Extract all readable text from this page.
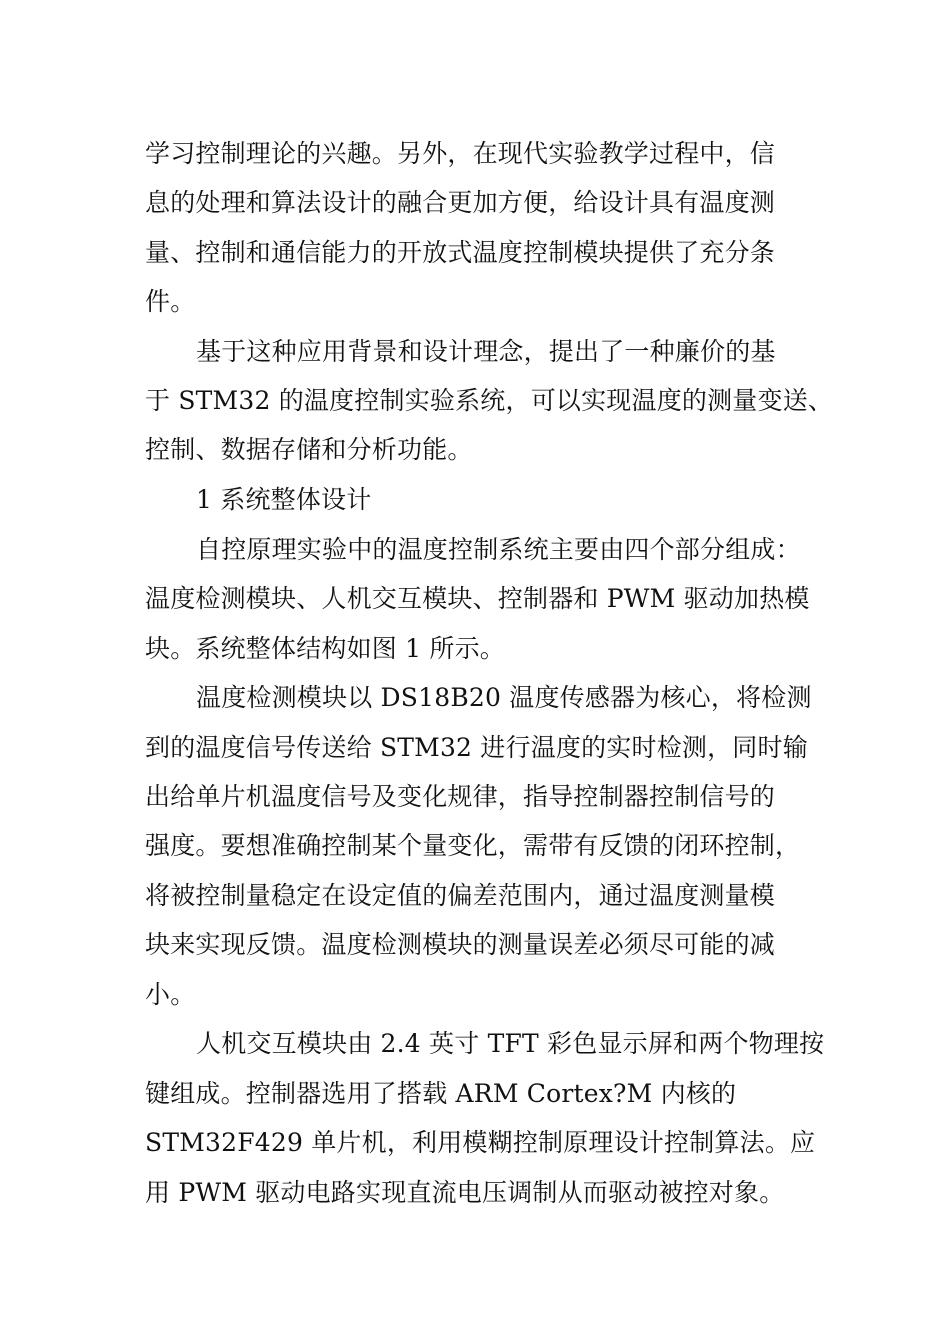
学习控制理论的兴趣。另外，在现代实验教学过程中，信
息的处理和算法设计的融合更加方便，给设计具有温度测
量、控制和通信能力的开放式温度控制模块提供了充分条
件。
基于这种应用背景和设计理念，提出了一种廉价的基
于 STM32 的温度控制实验系统，可以实现温度的测量变送、
控制、数据存储和分析功能。
1 系统整体设计
自控原理实验中的温度控制系统主要由四个部分组成：
温度检测模块、人机交互模块、控制器和 PWM 驱动加热模
块。系统整体结构如图 1 所示。
温度检测模块以 DS18B20 温度传感器为核心，将检测
到的温度信号传送给 STM32 进行温度的实时检测，同时输
出给单片机温度信号及变化规律，指导控制器控制信号的
强度。要想准确控制某个量变化，需带有反馈的闭环控制，
将被控制量稳定在设定值的偏差范围内，通过温度测量模
块来实现反馈。温度检测模块的测量误差必须尽可能的减
小。
人机交互模块由 2.4 英寸 TFT 彩色显示屏和两个物理按
键组成。控制器选用了搭载 ARM Cortex?M 内核的
STM32F429 单片机，利用模糊控制原理设计控制算法。应
用 PWM 驱动电路实现直流电压调制从而驱动被控对象。
